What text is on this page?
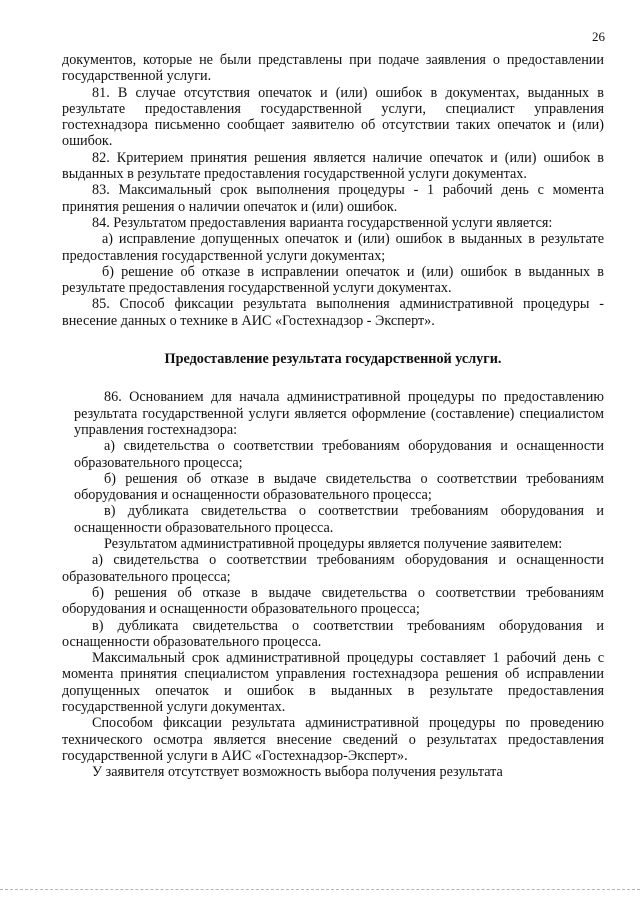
26

документов, которые не были представлены при подаче заявления о предоставлении государственной услуги.

81. В случае отсутствия опечаток и (или) ошибок в документах, выданных в результате предоставления государственной услуги, специалист управления гостехнадзора письменно сообщает заявителю об отсутствии таких опечаток и (или) ошибок.

82. Критерием принятия решения является наличие опечаток и (или) ошибок в выданных в результате предоставления государственной услуги документах.

83. Максимальный срок выполнения процедуры - 1 рабочий день с момента принятия решения о наличии опечаток и (или) ошибок.

84. Результатом предоставления варианта государственной услуги является:

а) исправление допущенных опечаток и (или) ошибок в выданных в результате предоставления государственной услуги документах;

б) решение об отказе в исправлении опечаток и (или) ошибок в выданных в результате предоставления государственной услуги документах.

85. Способ фиксации результата выполнения административной процедуры - внесение данных о технике в АИС «Гостехнадзор - Эксперт».

Предоставление результата государственной услуги.

86. Основанием для начала административной процедуры по предоставлению результата государственной услуги является оформление (составление) специалистом управления гостехнадзора:

а) свидетельства о соответствии требованиям оборудования и оснащенности образовательного процесса;

б) решения об отказе в выдаче свидетельства о соответствии требованиям оборудования и оснащенности образовательного процесса;

в) дубликата свидетельства о соответствии требованиям оборудования и оснащенности образовательного процесса.

Результатом административной процедуры является получение заявителем:

а) свидетельства о соответствии требованиям оборудования и оснащенности образовательного процесса;

б) решения об отказе в выдаче свидетельства о соответствии требованиям оборудования и оснащенности образовательного процесса;

в) дубликата свидетельства о соответствии требованиям оборудования и оснащенности образовательного процесса.

Максимальный срок административной процедуры составляет 1 рабочий день с момента принятия специалистом управления гостехнадзора решения об исправлении допущенных опечаток и ошибок в выданных в результате предоставления государственной услуги документах.

Способом фиксации результата административной процедуры по проведению технического осмотра является внесение сведений о результатах предоставления государственной услуги в АИС «Гостехнадзор-Эксперт».

У заявителя отсутствует возможность выбора получения результата
